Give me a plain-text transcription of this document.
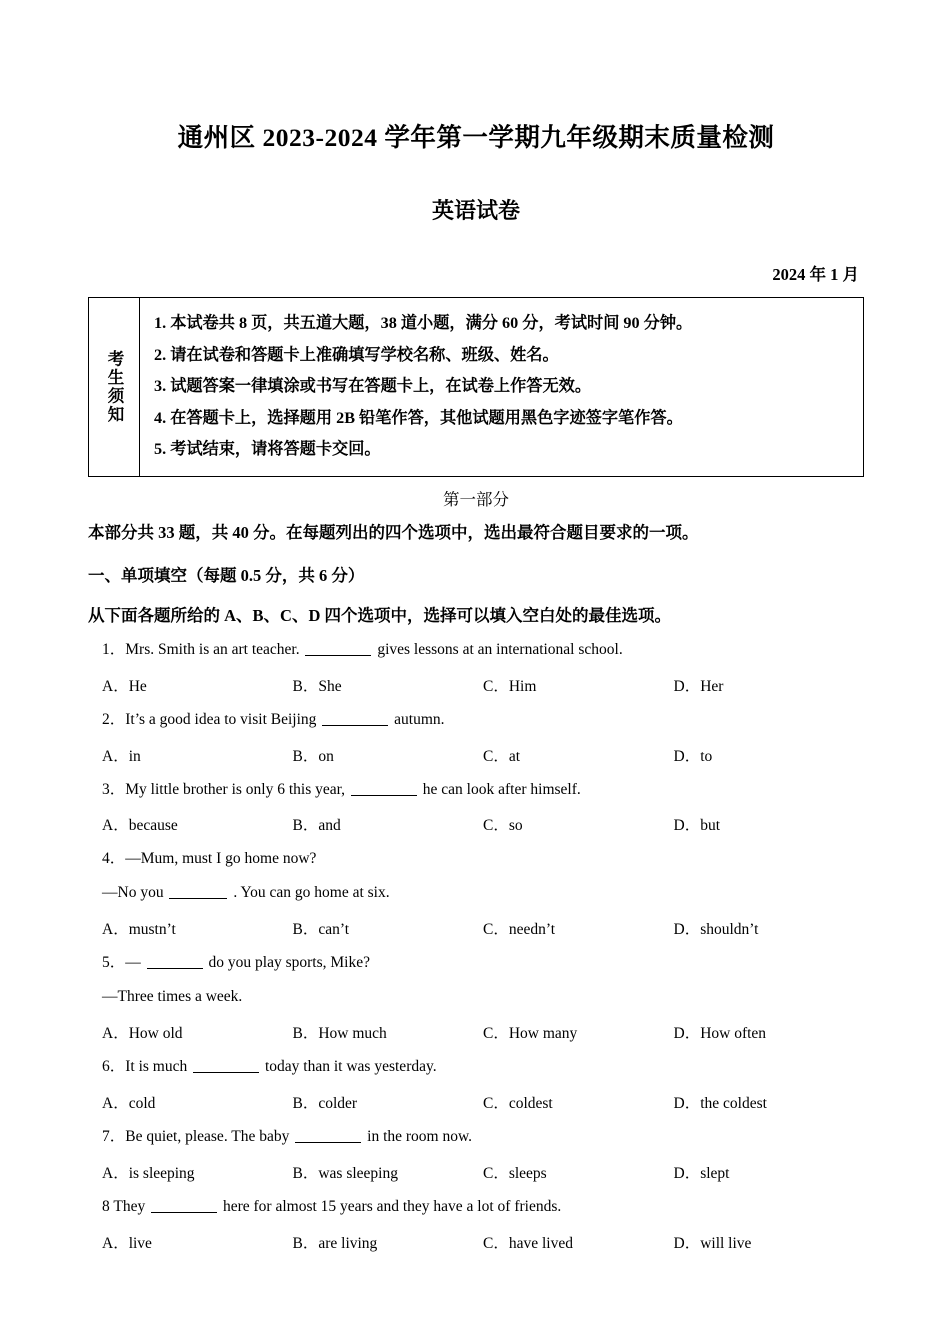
通州区 2023-2024 学年第一学期九年级期末质量检测
英语试卷
2024 年 1 月
考生须知
1. 本试卷共 8 页，共五道大题，38 道小题，满分 60 分，考试时间 90 分钟。
2. 请在试卷和答题卡上准确填写学校名称、班级、姓名。
3. 试题答案一律填涂或书写在答题卡上，在试卷上作答无效。
4. 在答题卡上，选择题用 2B 铅笔作答，其他试题用黑色字迹签字笔作答。
5. 考试结束，请将答题卡交回。
第一部分
本部分共 33 题，共 40 分。在每题列出的四个选项中，选出最符合题目要求的一项。
一、单项填空（每题 0.5 分，共 6 分）
从下面各题所给的 A、B、C、D 四个选项中，选择可以填入空白处的最佳选项。
1．Mrs. Smith is an art teacher.	gives lessons at an international school.
A．He	B．She	C．Him	D．Her
2．It’s a good idea to visit Beijing	autumn.
A．in	B．on	C．at	D．to
3．My little brother is only 6 this year,	he can look after himself.
A．because	B．and	C．so	D．but
4．—Mum, must I go home now?
—No you	. You can go home at six.
A．mustn’t	B．can’t	C．needn’t	D．shouldn’t
5．—	do you play sports, Mike?
—Three times a week.
A．How old	B．How much	C．How many	D．How often
6．It is much	today than it was yesterday.
A．cold	B．colder	C．coldest	D．the coldest
7．Be quiet, please. The baby	in the room now.
A．is sleeping	B．was sleeping	C．sleeps	D．slept
8 They	here for almost 15 years and they have a lot of friends.
A．live	B．are living	C．have lived	D．will live
